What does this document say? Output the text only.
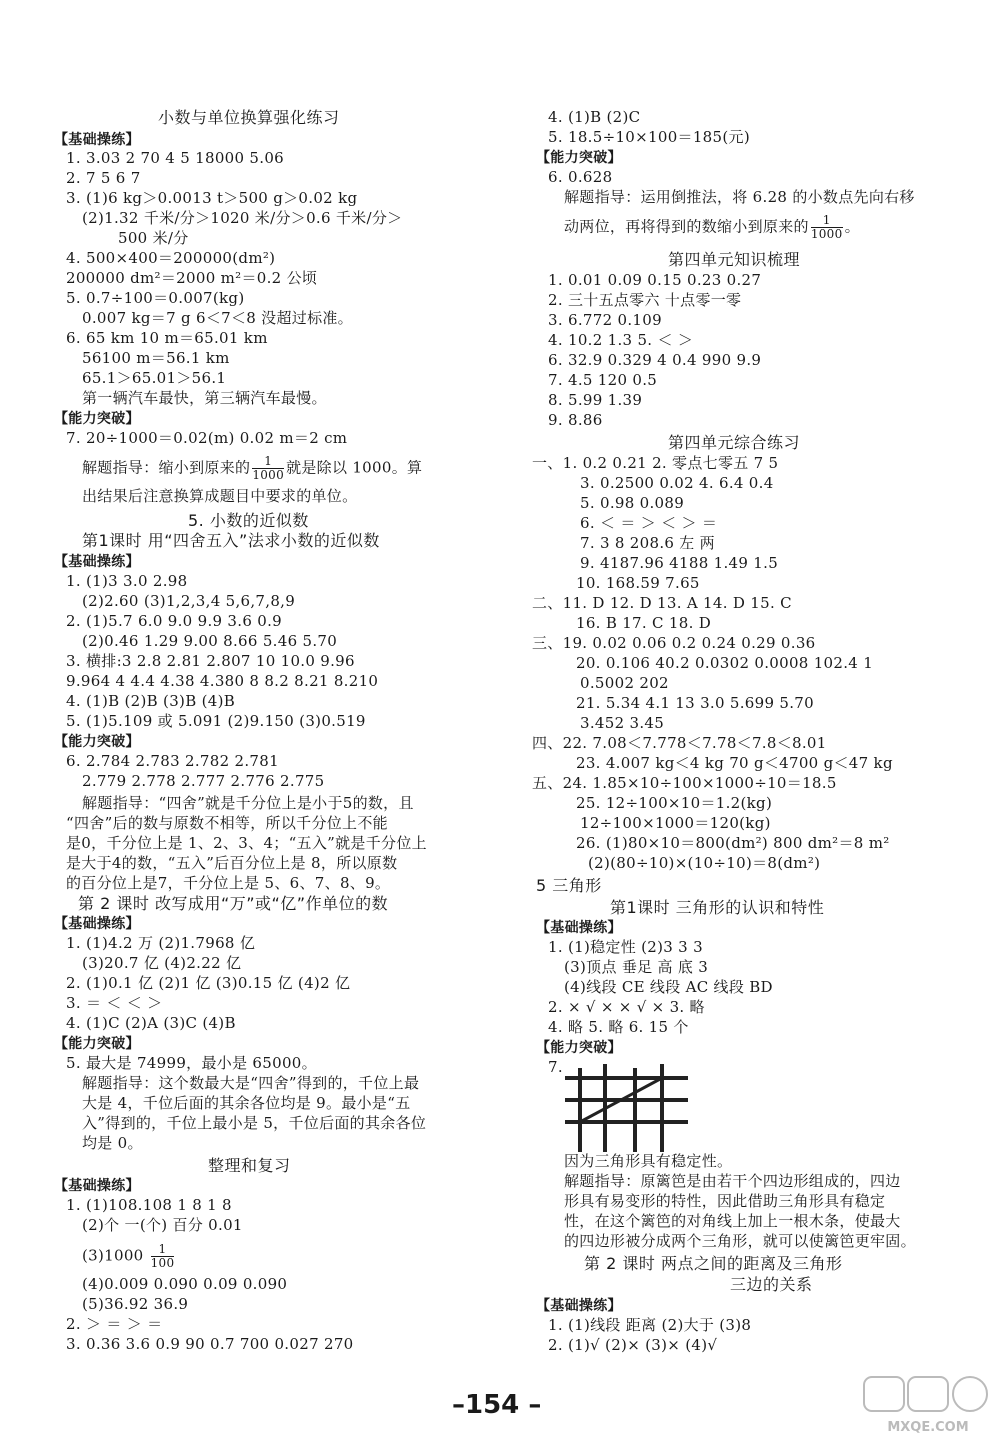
小数与单位换算强化练习
【基础操练】
1. 3.03 2 70 4 5 18000 5.06
2. 7 5 6 7
3. (1)6 kg＞0.0013 t＞500 g＞0.02 kg
(2)1.32 千米/分＞1020 米/分＞0.6 千米/分＞
500 米/分
4. 500×400＝200000(dm²)
200000 dm²＝2000 m²＝0.2 公顷
5. 0.7÷100＝0.007(kg)
0.007 kg＝7 g 6＜7＜8 没超过标准。
6. 65 km 10 m＝65.01 km
56100 m＝56.1 km
65.1＞65.01＞56.1
第一辆汽车最快，第三辆汽车最慢。
【能力突破】
7. 20÷1000＝0.02(m) 0.02 m＝2 cm
解题指导：缩小到原来的 $\frac{1}{1000}$ 就是除以 1000。算
出结果后注意换算成题目中要求的单位。
5. 小数的近似数
第1课时 用“四舍五入”法求小数的近似数
【基础操练】
1. (1)3 3.0 2.98
(2)2.60 (3)1,2,3,4 5,6,7,8,9
2. (1)5.7 6.0 9.0 9.9 3.6 0.9
(2)0.46 1.29 9.00 8.66 5.46 5.70
3. 横排:3 2.8 2.81 2.807 10 10.0 9.96
9.964 4 4.4 4.38 4.380 8 8.2 8.21 8.210
4. (1)B (2)B (3)B (4)B
5. (1)5.109 或 5.091 (2)9.150 (3)0.519
【能力突破】
6. 2.784 2.783 2.782 2.781
2.779 2.778 2.777 2.776 2.775
解题指导：“四舍”就是千分位上是小于5的数，且
“四舍”后的数与原数不相等，所以千分位上不能
是0，千分位上是 1、2、3、4；“五入”就是千分位上
是大于4的数，“五入”后百分位上是 8，所以原数
的百分位上是7，千分位上是 5、6、7、8、9。
第 2 课时 改写成用“万”或“亿”作单位的数
【基础操练】
1. (1)4.2 万 (2)1.7968 亿
(3)20.7 亿 (4)2.22 亿
2. (1)0.1 亿 (2)1 亿 (3)0.15 亿 (4)2 亿
3. ＝ ＜ ＜ ＞
4. (1)C (2)A (3)C (4)B
【能力突破】
5. 最大是 74999，最小是 65000。
解题指导：这个数最大是“四舍”得到的，千位上最
大是 4，千位后面的其余各位均是 9。最小是“五
入”得到的，千位上最小是 5，千位后面的其余各位
均是 0。
整理和复习
【基础操练】
1. (1)108.108 1 8 1 8
(2)个 一(个) 百分 0.01
$(3)1000 \frac{1}{100}$
(4)0.009 0.090 0.09 0.090
(5)36.92 36.9
2. ＞ ＝ ＞ ＝
3. 0.36 3.6 0.9 90 0.7 700 0.027 270
4. (1)B (2)C
5. 18.5÷10×100＝185(元)
【能力突破】
6. 0.628
解题指导：运用倒推法，将 6.28 的小数点先向右移
动两位，再将得到的数缩小到原来的 $\frac{1}{1000}$ 。
第四单元知识梳理
1. 0.01 0.09 0.15 0.23 0.27
2. 三十五点零六 十点零一零
3. 6.772 0.109
4. 10.2 1.3 5. ＜ ＞
6. 32.9 0.329 4 0.4 990 9.9
7. 4.5 120 0.5
8. 5.99 1.39
9. 8.86
第四单元综合练习
一、1. 0.2 0.21 2. 零点七零五 7 5
3. 0.2500 0.02 4. 6.4 0.4
5. 0.98 0.089
6. ＜ ＝ ＞ ＜ ＞ ＝
7. 3 8 208.6 左 两
9. 4187.96 4188 1.49 1.5
10. 168.59 7.65
二、11. D 12. D 13. A 14. D 15. C
16. B 17. C 18. D
三、19. 0.02 0.06 0.2 0.24 0.29 0.36
20. 0.106 40.2 0.0302 0.0008 102.4 1
0.5002 202
21. 5.34 4.1 13 3.0 5.699 5.70
3.452 3.45
四、22. 7.08＜7.778＜7.78＜7.8＜8.01
23. 4.007 kg＜4 kg 70 g＜4700 g＜47 kg
五、24. 1.85×10÷100×1000÷10＝18.5
25. 12÷100×10＝1.2(kg)
12÷100×1000＝120(kg)
26. (1)80×10＝800(dm²) 800 dm²＝8 m²
(2)(80÷10)×(10÷10)＝8(dm²)
5 三角形
第1课时 三角形的认识和特性
【基础操练】
1. (1)稳定性 (2)3 3 3
(3)顶点 垂足 高 底 3
(4)线段 CE 线段 AC 线段 BD
2. × √ × × √ × 3. 略
4. 略 5. 略 6. 15 个
【能力突破】
7.
因为三角形具有稳定性。
解题指导：原篱笆是由若干个四边形组成的，四边
形具有易变形的特性，因此借助三角形具有稳定
性，在这个篱笆的对角线上加上一根木条，使最大
的四边形被分成两个三角形，就可以使篱笆更牢固。
第 2 课时 两点之间的距离及三角形
三边的关系
【基础操练】
1. (1)线段 距离 (2)大于 (3)8
2. (1)√ (2)× (3)× (4)√
–154 –
MXQE.COM
